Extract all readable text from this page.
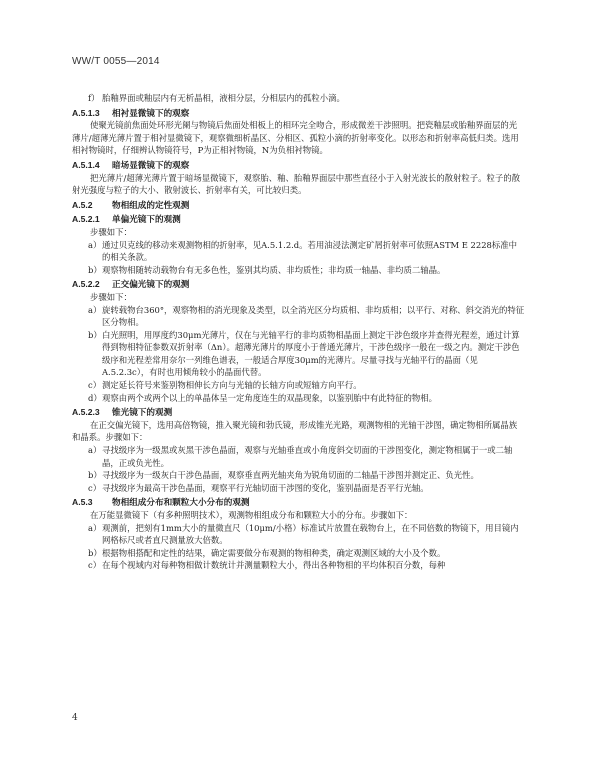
WW/T 0055—2014
f） 胎釉界面或釉层内有无析晶相，液相分层，分相层内的孤粒小滴。
A.5.1.3 相衬显微镜下的观察

使聚光镜前焦面处环形光阑与物镜后焦面处相板上的相环完全吻合，形成微差干涉照明。把瓷釉层或胎釉界面层的光薄片/超薄光薄片置于相衬显微镜下，观察微细析晶区、分相区、孤粒小滴的折射率变化。以形态和折射率高低归类。选用相衬物镜时，仔细辨认物镜符号，P为正相衬物镜，N为负相衬物镜。

A.5.1.4 暗场显微镜下的观察

把光薄片/超薄光薄片置于暗场显微镜下，观察胎、釉、胎釉界面层中那些直径小于入射光波长的散射粒子。粒子的散射光强度与粒子的大小、散射波长、折射率有关，可比较归类。

A.5.2 物相组成的定性观测
A.5.2.1 单偏光镜下的观测

步骤如下：

a） 通过贝克线的移动来观测物相的折射率，见A.5.1.2.d。若用油浸法测定矿屑折射率可依照ASTM E 2228标准中的相关条款。
b） 观察物相随转动载物台有无多色性，鉴别其均质、非均质性；非均质一轴晶、非均质二轴晶。
A.5.2.2 正交偏光镜下的观测

步骤如下：

a） 旋转载物台360°，观察物相的消光现象及类型，以全消光区分均质相、非均质相；以平行、对称、斜交消光的特征区分物相。
b） 白光照明，用厚度约30μm光薄片，仅在与光轴平行的非均质物相晶面上测定干涉色级序并查得光程差，通过计算得到物相特征参数双折射率（Δn）。超薄光薄片的厚度小于普通光薄片，干涉色级序一般在一级之内。测定干涉色级序和光程差常用奈尔一列维色谱表，一般适合厚度30μm的光薄片。尽量寻找与光轴平行的晶面（见A.5.2.3c），有时也用倾角较小的晶面代替。
c） 测定延长符号来鉴别物相伸长方向与光轴的长轴方向或短轴方向平行。
d） 观察由两个或两个以上的单晶体呈一定角度连生的双晶现象，以鉴别胎中有此特征的物相。
A.5.2.3 锥光镜下的观测

在正交偏光镜下，选用高倍物镜，推入聚光镜和勃氏镜，形成锥光光路，观测物相的光轴干涉图，确定物相所属晶族和晶系。步骤如下：

a） 寻找级序为一级黑或灰黑干涉色晶面，观察与光轴垂直或小角度斜交切面的干涉图变化，测定物相属于一或二轴晶，正或负光性。
b） 寻找级序为一级灰白干涉色晶面，观察垂直两光轴夹角为锐角切面的二轴晶干涉图并测定正、负光性。
c） 寻找级序为最高干涉色晶面，观察平行光轴切面干涉图的变化，鉴别晶面是否平行光轴。
A.5.3 物相组成分布和颗粒大小分布的观测

在万能显微镜下（有多种照明技术），观测物相组成分布和颗粒大小的分布。步骤如下：

a） 观测前，把刻有1mm大小的量微直尺（10μm/小格）标准试片放置在载物台上，在不同倍数的物镜下，用目镜内网格标尺或者直尺测量放大倍数。
b） 根据物相搭配和定性的结果，确定需要做分布观测的物相种类，确定观测区域的大小及个数。
c） 在每个视域内对每种物相做计数统计并测量颗粒大小，得出各种物相的平均体积百分数，每种
4
